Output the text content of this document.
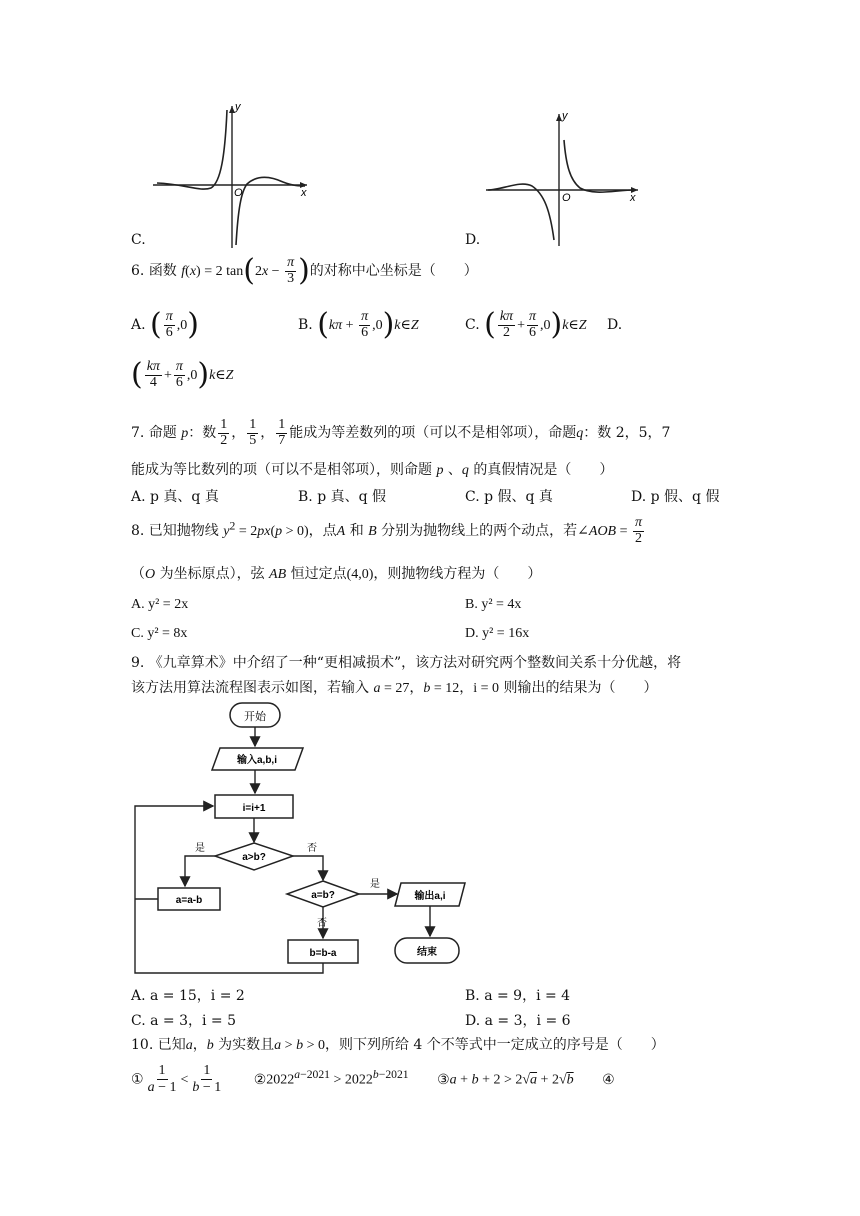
y
x
O
C.
y
x
O
D.
6. 函数 f(x) = 2 $\tan(2x - \frac{\pi}{3}$ )的对称中心坐标是（　　）
A. ( $\frac{\pi}{6} ,0$)	B. ($k\pi + \frac{\pi}{6}$ ,0)k∈Z	C. ( $\frac{k\pi}{2} + \frac{\pi}{6}$ ,0)k∈Z D.
( $\frac{k\pi}{4} + \frac{\pi}{6}$ ,0)k∈Z
7. 命题 p：数 $\frac{1}{2}$ ， $\frac{1}{5}$ ， $\frac{1}{7}$ 能成为等差数列的项（可以不是相邻项），命题q：数 2，5，7
能成为等比数列的项（可以不是相邻项），则命题 p 、q 的真假情况是（　　）
A. p 真、q 真	B. p 真、q 假	C. p 假、q 真	D. p 假、q 假
8. 已知抛物线 $y^2 = 2px(p > 0)$，点A 和 B 分别为抛物线上的两个动点，若∠AOB = $\frac{\pi}{2}$
（O 为坐标原点），弦 AB 恒过定点(4,0)，则抛物线方程为（　　）
A. y² = 2x	B. y² = 4x
C. y² = 8x	D. y² = 16x
9. 《九章算术》中介绍了一种“更相减损术”，该方法对研究两个整数间关系十分优越，将
该方法用算法流程图表示如图，若输入 a = 27，b = 12，i = 0 则输出的结果为（　　）
开始
输入a,b,i
i=i+1
a>b?
是
a=a-b
否
a=b?
是
输出a,i
结束
否
b=b-a
A. a = 15，i = 2	B. a = 9，i = 4
C. a = 3，i = 5	D. a = 3，i = 6
10. 已知a，b 为实数且a > b > 0，则下列所给 4 个不等式中一定成立的序号是（　　）
① $\frac{1}{a - 1} < \frac{1}{b - 1}$ $②2022^{a-2021} > 2022^{b-2021}$ ③a + b + 2 > 2√a + 2√b ④
